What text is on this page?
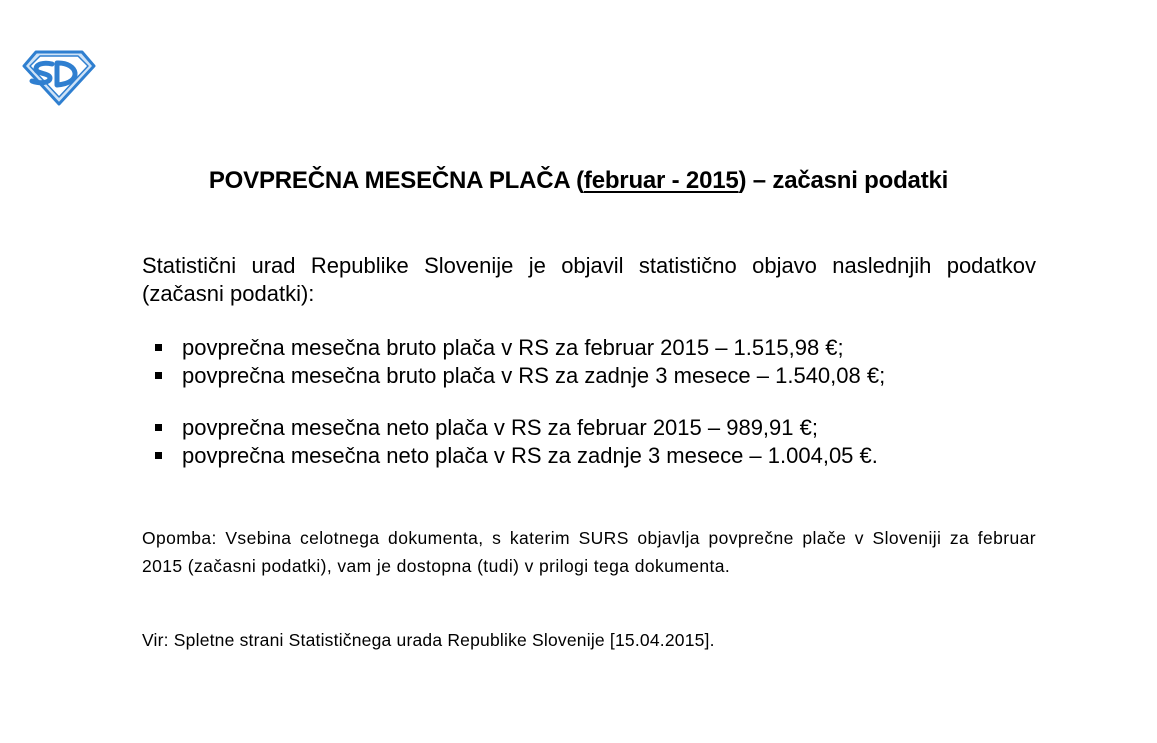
POVPREČNA MESEČNA PLAČA (februar - 2015) – začasni podatki
Statistični urad Republike Slovenije je objavil statistično objavo naslednjih podatkov (začasni podatki):
povprečna mesečna bruto plača v RS za februar 2015 – 1.515,98 €;
povprečna mesečna bruto plača v RS za zadnje 3 mesece – 1.540,08 €;
povprečna mesečna neto plača v RS za februar 2015 – 989,91 €;
povprečna mesečna neto plača v RS za zadnje 3 mesece – 1.004,05 €.
Opomba: Vsebina celotnega dokumenta, s katerim SURS objavlja povprečne plače v Sloveniji za februar 2015 (začasni podatki), vam je dostopna (tudi) v prilogi tega dokumenta.
Vir: Spletne strani Statističnega urada Republike Slovenije [15.04.2015].
